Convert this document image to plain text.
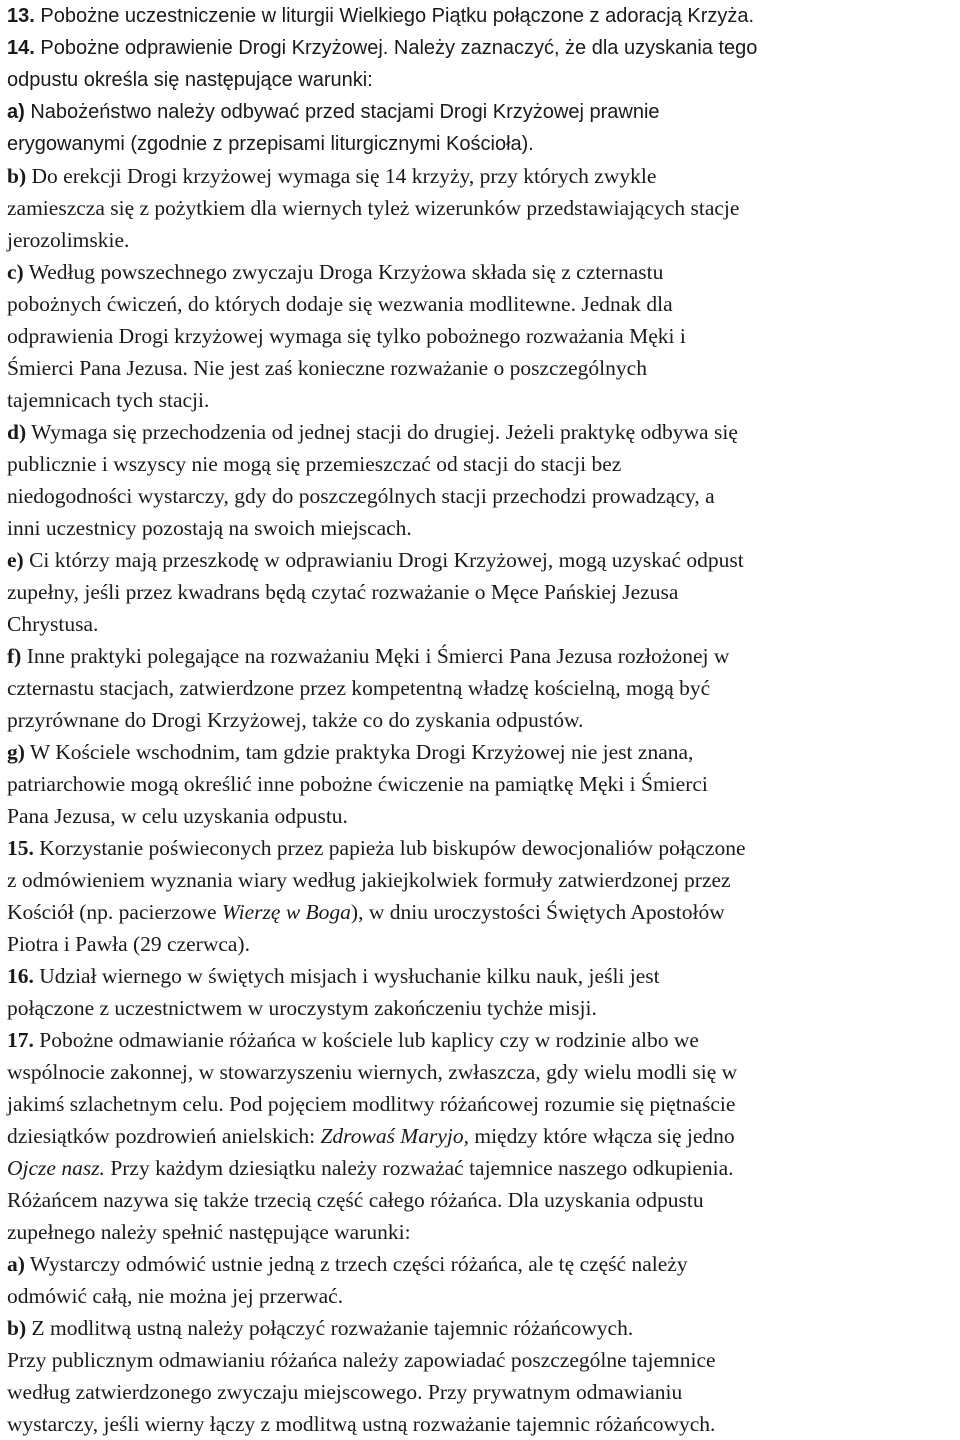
13. Pobożne uczestniczenie w liturgii Wielkiego Piątku połączone z adoracją Krzyża.

14. Pobożne odprawienie Drogi Krzyżowej. Należy zaznaczyć, że dla uzyskania tego
odpustu określa się następujące warunki:

a) Nabożeństwo należy odbywać przed stacjami Drogi Krzyżowej prawnie
erygowanymi (zgodnie z przepisami liturgicznymi Kościoła).

b) Do erekcji Drogi krzyżowej wymaga się 14 krzyży, przy których zwykle
zamieszcza się z pożytkiem dla wiernych tyleż wizerunków przedstawiających stacje
jerozolimskie.

c) Według powszechnego zwyczaju Droga Krzyżowa składa się z czternastu
pobożnych ćwiczeń, do których dodaje się wezwania modlitewne. Jednak dla
odprawienia Drogi krzyżowej wymaga się tylko pobożnego rozważania Męki i
Śmierci Pana Jezusa. Nie jest zaś konieczne rozważanie o poszczególnych
tajemnicach tych stacji.

d) Wymaga się przechodzenia od jednej stacji do drugiej. Jeżeli praktykę odbywa się
publicznie i wszyscy nie mogą się przemieszczać od stacji do stacji bez
niedogodności wystarczy, gdy do poszczególnych stacji przechodzi prowadzący, a
inni uczestnicy pozostają na swoich miejscach.

e) Ci którzy mają przeszkodę w odprawianiu Drogi Krzyżowej, mogą uzyskać odpust
zupełny, jeśli przez kwadrans będą czytać rozważanie o Męce Pańskiej Jezusa
Chrystusa.

f) Inne praktyki polegające na rozważaniu Męki i Śmierci Pana Jezusa rozłożonej w
czternastu stacjach, zatwierdzone przez kompetentną władzę kościelną, mogą być
przyrównane do Drogi Krzyżowej, także co do zyskania odpustów.

g) W Kościele wschodnim, tam gdzie praktyka Drogi Krzyżowej nie jest znana,
patriarchowie mogą określić inne pobożne ćwiczenie na pamiątkę Męki i Śmierci
Pana Jezusa, w celu uzyskania odpustu.

15. Korzystanie poświeconych przez papieża lub biskupów dewocjonaliów połączone
z odmówieniem wyznania wiary według jakiejkolwiek formuły zatwierdzonej przez
Kościół (np. pacierzowe Wierzę w Boga), w dniu uroczystości Świętych Apostołów
Piotra i Pawła (29 czerwca).

16. Udział wiernego w świętych misjach i wysłuchanie kilku nauk, jeśli jest
połączone z uczestnictwem w uroczystym zakończeniu tychże misji.

17. Pobożne odmawianie różańca w kościele lub kaplicy czy w rodzinie albo we
wspólnocie zakonnej, w stowarzyszeniu wiernych, zwłaszcza, gdy wielu modli się w
jakimś szlachetnym celu. Pod pojęciem modlitwy różańcowej rozumie się piętnaście
dziesiątków pozdrowień anielskich: Zdrowaś Maryjo, między które włącza się jedno
Ojcze nasz. Przy każdym dziesiątku należy rozważać tajemnice naszego odkupienia.
Różańcem nazywa się także trzecią część całego różańca. Dla uzyskania odpustu
zupełnego należy spełnić następujące warunki:

a) Wystarczy odmówić ustnie jedną z trzech części różańca, ale tę część należy
odmówić całą, nie można jej przerwać.

b) Z modlitwą ustną należy połączyć rozważanie tajemnic różańcowych.

Przy publicznym odmawianiu różańca należy zapowiadać poszczególne tajemnice
według zatwierdzonego zwyczaju miejscowego. Przy prywatnym odmawianiu
wystarczy, jeśli wierny łączy z modlitwą ustną rozważanie tajemnic różańcowych.
